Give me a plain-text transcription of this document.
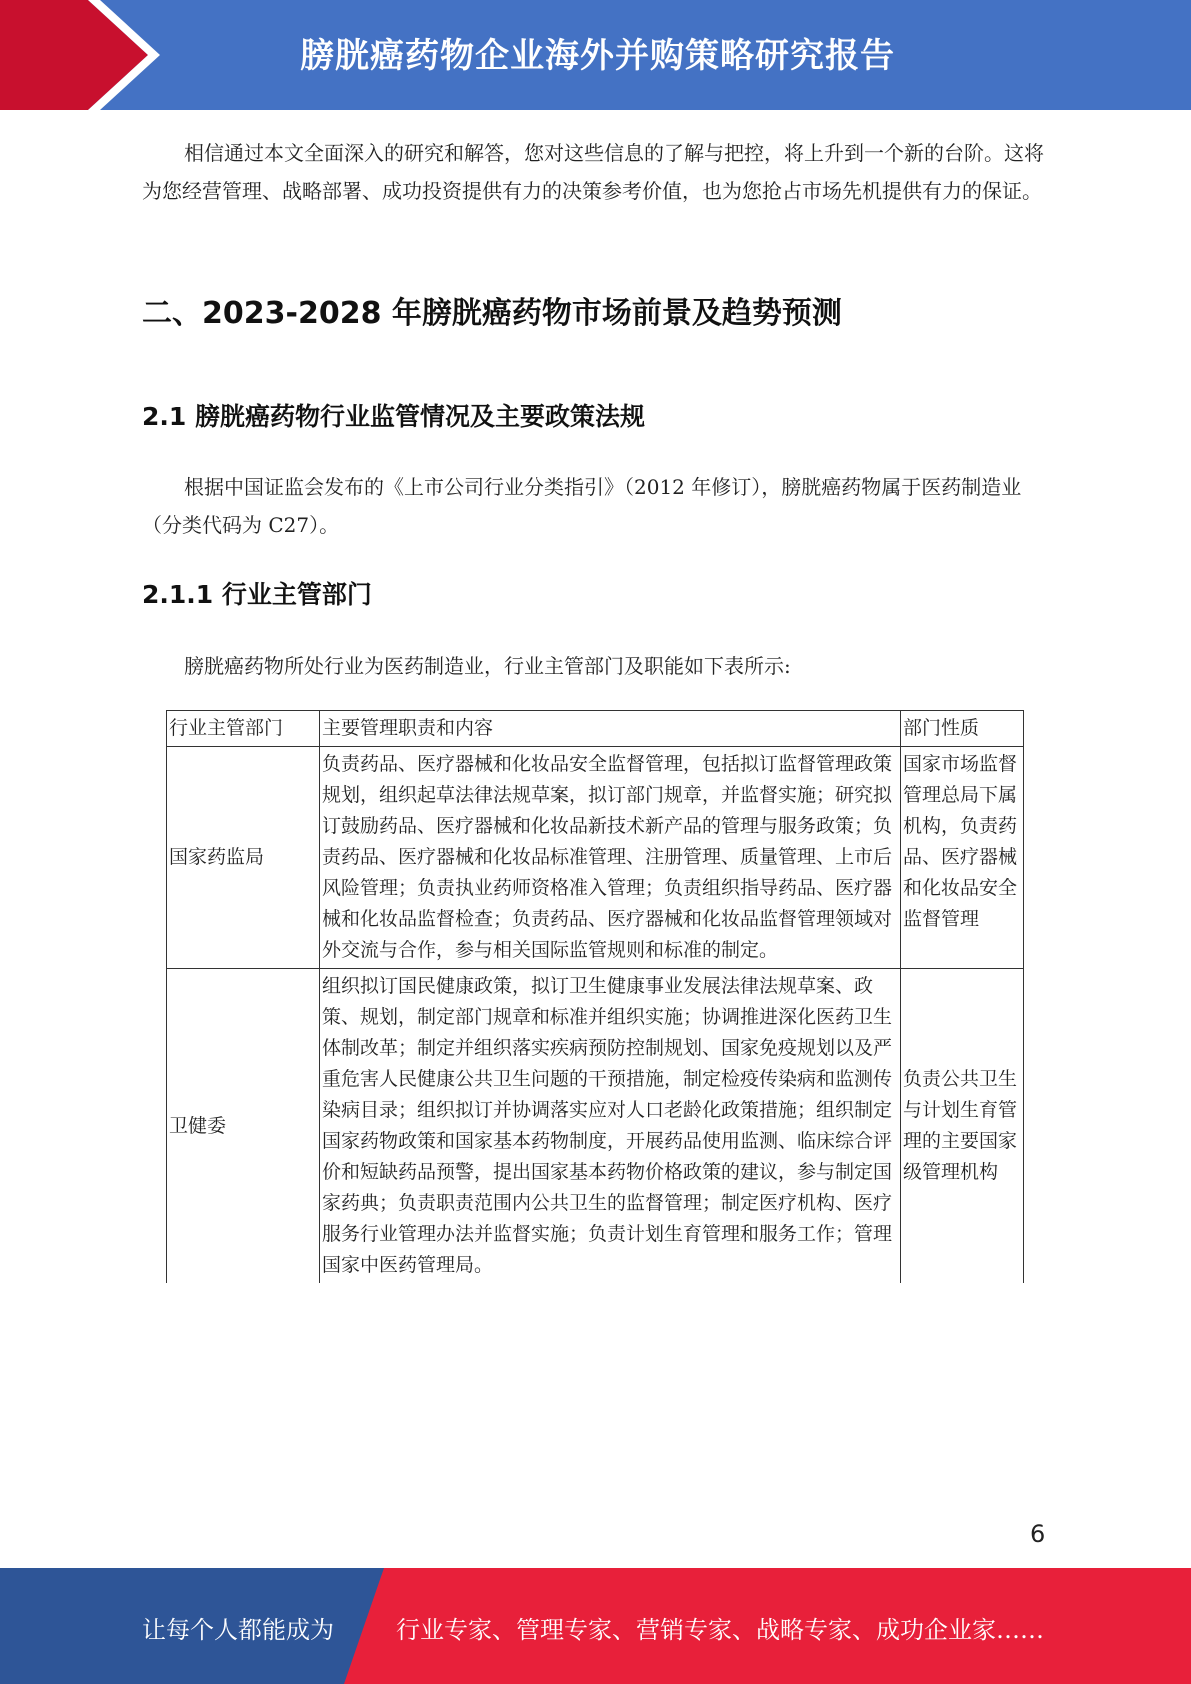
膀胱癌药物企业海外并购策略研究报告

相信通过本文全面深入的研究和解答，您对这些信息的了解与把控，将上升到一个新的台阶。这将为您经营管理、战略部署、成功投资提供有力的决策参考价值，也为您抢占市场先机提供有力的保证。

二、2023-2028 年膀胱癌药物市场前景及趋势预测
2.1 膀胱癌药物行业监管情况及主要政策法规

根据中国证监会发布的《上市公司行业分类指引》（2012 年修订），膀胱癌药物属于医药制造业（分类代码为 C27）。

2.1.1 行业主管部门

膀胱癌药物所处行业为医药制造业，行业主管部门及职能如下表所示:

行业主管部门	主要管理职责和内容	部门性质
国家药监局	负责药品、医疗器械和化妆品安全监督管理，包括拟订监督管理政策规划，组织起草法律法规草案，拟订部门规章，并监督实施；研究拟订鼓励药品、医疗器械和化妆品新技术新产品的管理与服务政策；负责药品、医疗器械和化妆品标准管理、注册管理、质量管理、上市后风险管理；负责执业药师资格准入管理；负责组织指导药品、医疗器械和化妆品监督检查；负责药品、医疗器械和化妆品监督管理领域对外交流与合作，参与相关国际监管规则和标准的制定。	国家市场监督管理总局下属机构，负责药品、医疗器械和化妆品安全监督管理
卫健委	组织拟订国民健康政策，拟订卫生健康事业发展法律法规草案、政策、规划，制定部门规章和标准并组织实施；协调推进深化医药卫生体制改革；制定并组织落实疾病预防控制规划、国家免疫规划以及严重危害人民健康公共卫生问题的干预措施，制定检疫传染病和监测传染病目录；组织拟订并协调落实应对人口老龄化政策措施；组织制定国家药物政策和国家基本药物制度，开展药品使用监测、临床综合评价和短缺药品预警，提出国家基本药物价格政策的建议，参与制定国家药典；负责职责范围内公共卫生的监督管理；制定医疗机构、医疗服务行业管理办法并监督实施；负责计划生育管理和服务工作；管理国家中医药管理局。	负责公共卫生与计划生育管理的主要国家级管理机构
6
让每个人都能成为	行业专家、管理专家、营销专家、战略专家、成功企业家……
